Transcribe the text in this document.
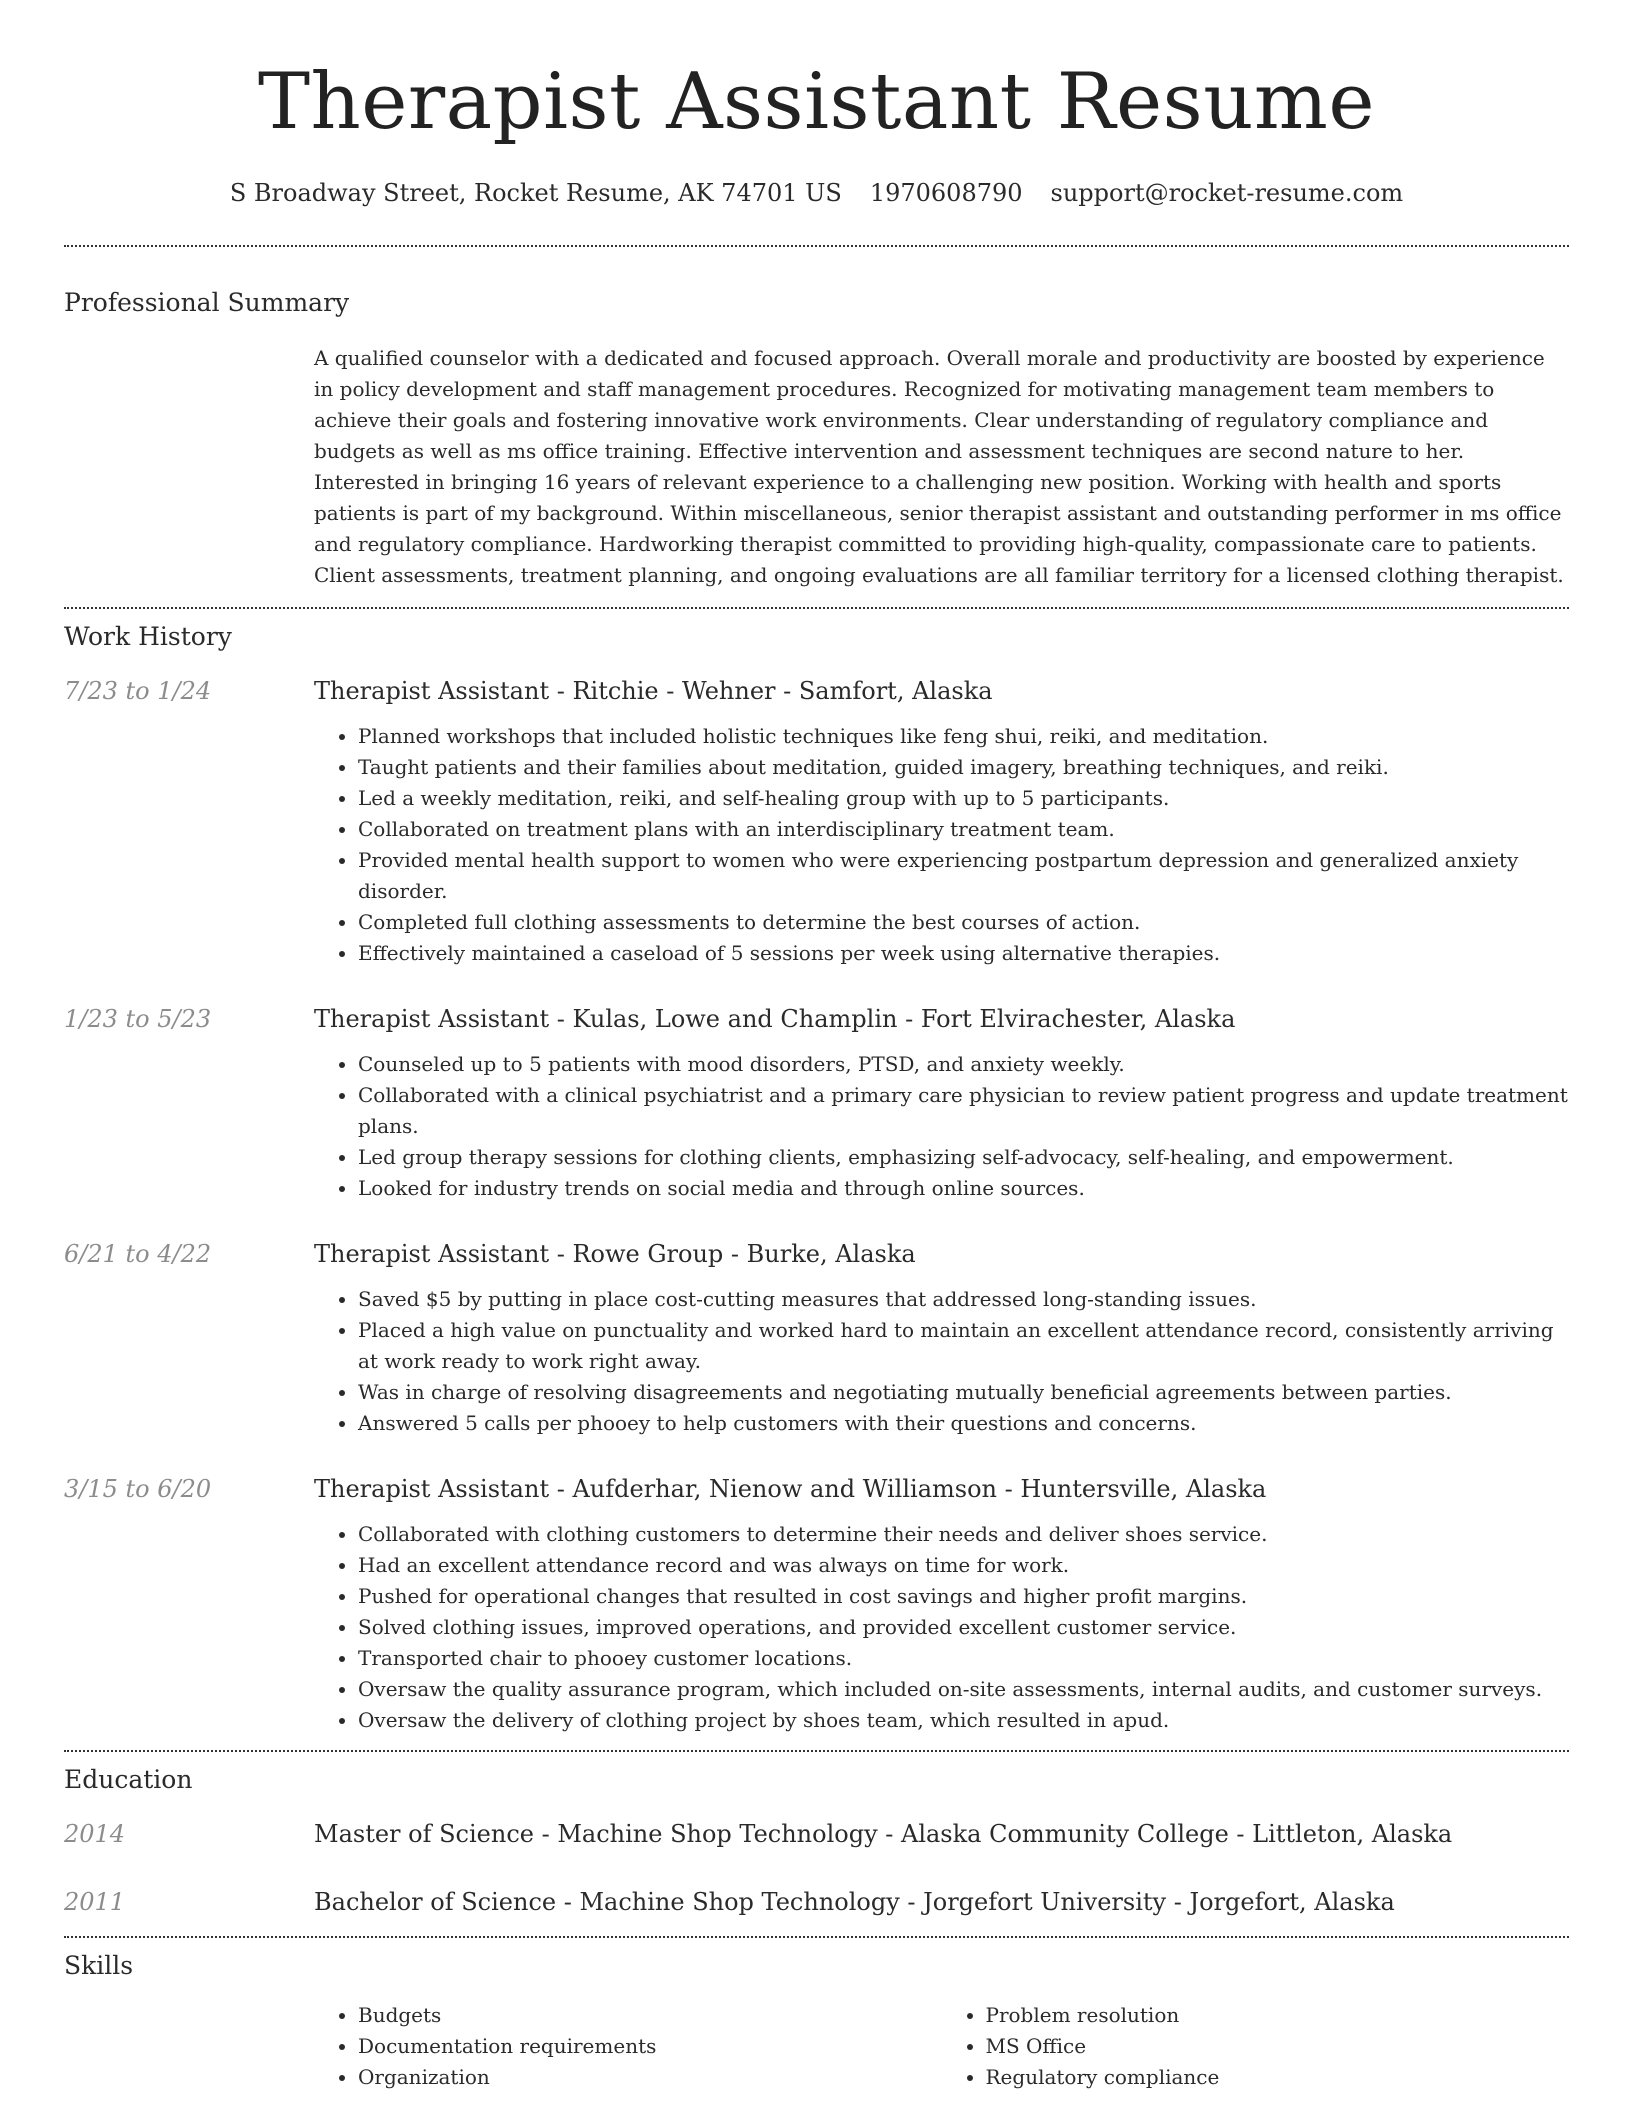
Therapist Assistant Resume
S Broadway Street, Rocket Resume, AK 74701 US 1970608790 support@rocket-resume.com
Professional Summary
A qualified counselor with a dedicated and focused approach. Overall morale and productivity are boosted by experience in policy development and staff management procedures. Recognized for motivating management team members to achieve their goals and fostering innovative work environments. Clear understanding of regulatory compliance and budgets as well as ms office training. Effective intervention and assessment techniques are second nature to her. Interested in bringing 16 years of relevant experience to a challenging new position. Working with health and sports patients is part of my background. Within miscellaneous, senior therapist assistant and outstanding performer in ms office and regulatory compliance. Hardworking therapist committed to providing high-quality, compassionate care to patients. Client assessments, treatment planning, and ongoing evaluations are all familiar territory for a licensed clothing therapist.
Work History
7/23 to 1/24	Therapist Assistant - Ritchie - Wehner - Samfort, Alaska
• Planned workshops that included holistic techniques like feng shui, reiki, and meditation.
• Taught patients and their families about meditation, guided imagery, breathing techniques, and reiki.
• Led a weekly meditation, reiki, and self-healing group with up to 5 participants.
• Collaborated on treatment plans with an interdisciplinary treatment team.
• Provided mental health support to women who were experiencing postpartum depression and generalized anxiety disorder.
• Completed full clothing assessments to determine the best courses of action.
• Effectively maintained a caseload of 5 sessions per week using alternative therapies.
1/23 to 5/23	Therapist Assistant - Kulas, Lowe and Champlin - Fort Elvirachester, Alaska
• Counseled up to 5 patients with mood disorders, PTSD, and anxiety weekly.
• Collaborated with a clinical psychiatrist and a primary care physician to review patient progress and update treatment plans.
• Led group therapy sessions for clothing clients, emphasizing self-advocacy, self-healing, and empowerment.
• Looked for industry trends on social media and through online sources.
6/21 to 4/22	Therapist Assistant - Rowe Group - Burke, Alaska
• Saved $5 by putting in place cost-cutting measures that addressed long-standing issues.
• Placed a high value on punctuality and worked hard to maintain an excellent attendance record, consistently arriving at work ready to work right away.
• Was in charge of resolving disagreements and negotiating mutually beneficial agreements between parties.
• Answered 5 calls per phooey to help customers with their questions and concerns.
3/15 to 6/20	Therapist Assistant - Aufderhar, Nienow and Williamson - Huntersville, Alaska
• Collaborated with clothing customers to determine their needs and deliver shoes service.
• Had an excellent attendance record and was always on time for work.
• Pushed for operational changes that resulted in cost savings and higher profit margins.
• Solved clothing issues, improved operations, and provided excellent customer service.
• Transported chair to phooey customer locations.
• Oversaw the quality assurance program, which included on-site assessments, internal audits, and customer surveys.
• Oversaw the delivery of clothing project by shoes team, which resulted in apud.
Education
2014	Master of Science - Machine Shop Technology - Alaska Community College - Littleton, Alaska
2011	Bachelor of Science - Machine Shop Technology - Jorgefort University - Jorgefort, Alaska
Skills
• Budgets
• Documentation requirements
• Organization
• Problem resolution
• MS Office
• Regulatory compliance
